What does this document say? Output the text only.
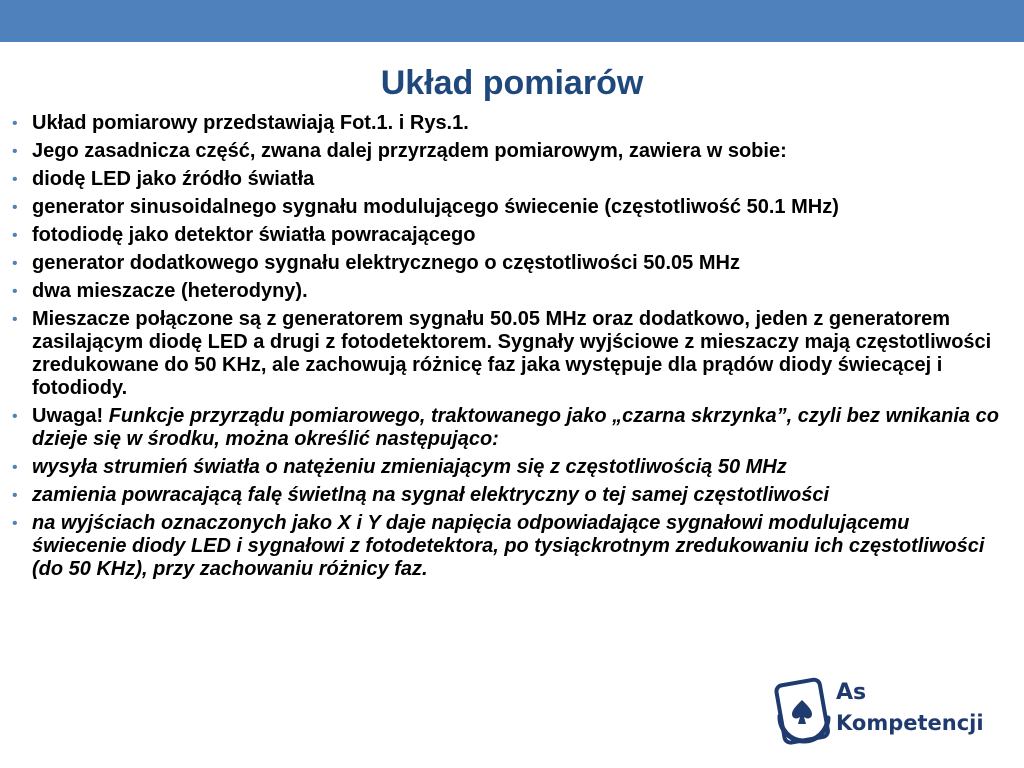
Układ pomiarów
• Układ pomiarowy przedstawiają Fot.1. i Rys.1.
• Jego zasadnicza część, zwana dalej przyrządem pomiarowym, zawiera w sobie:
• diodę LED jako źródło światła
• generator sinusoidalnego sygnału modulującego świecenie (częstotliwość 50.1 MHz)
• fotodiodę jako detektor światła powracającego
• generator dodatkowego sygnału elektrycznego o częstotliwości 50.05 MHz
• dwa mieszacze (heterodyny).
• Mieszacze połączone są z generatorem sygnału 50.05 MHz oraz dodatkowo, jeden z generatorem zasilającym diodę LED a drugi z fotodetektorem. Sygnały wyjściowe z mieszaczy mają częstotliwości zredukowane do 50 KHz, ale zachowują różnicę faz jaka występuje dla prądów diody świecącej i fotodiody.
• Uwaga! Funkcje przyrządu pomiarowego, traktowanego jako „czarna skrzynka”, czyli bez wnikania co dzieje się w środku, można określić następująco:
• wysyła strumień światła o natężeniu zmieniającym się z częstotliwością 50 MHz
• zamienia powracającą falę świetlną na sygnał elektryczny o tej samej częstotliwości
• na wyjściach oznaczonych jako X i Y daje napięcia odpowiadające sygnałowi modulującemu świecenie diody LED i sygnałowi z fotodetektora, po tysiąckrotnym zredukowaniu ich częstotliwości (do 50 KHz), przy zachowaniu różnicy faz.
As
Kompetencji
